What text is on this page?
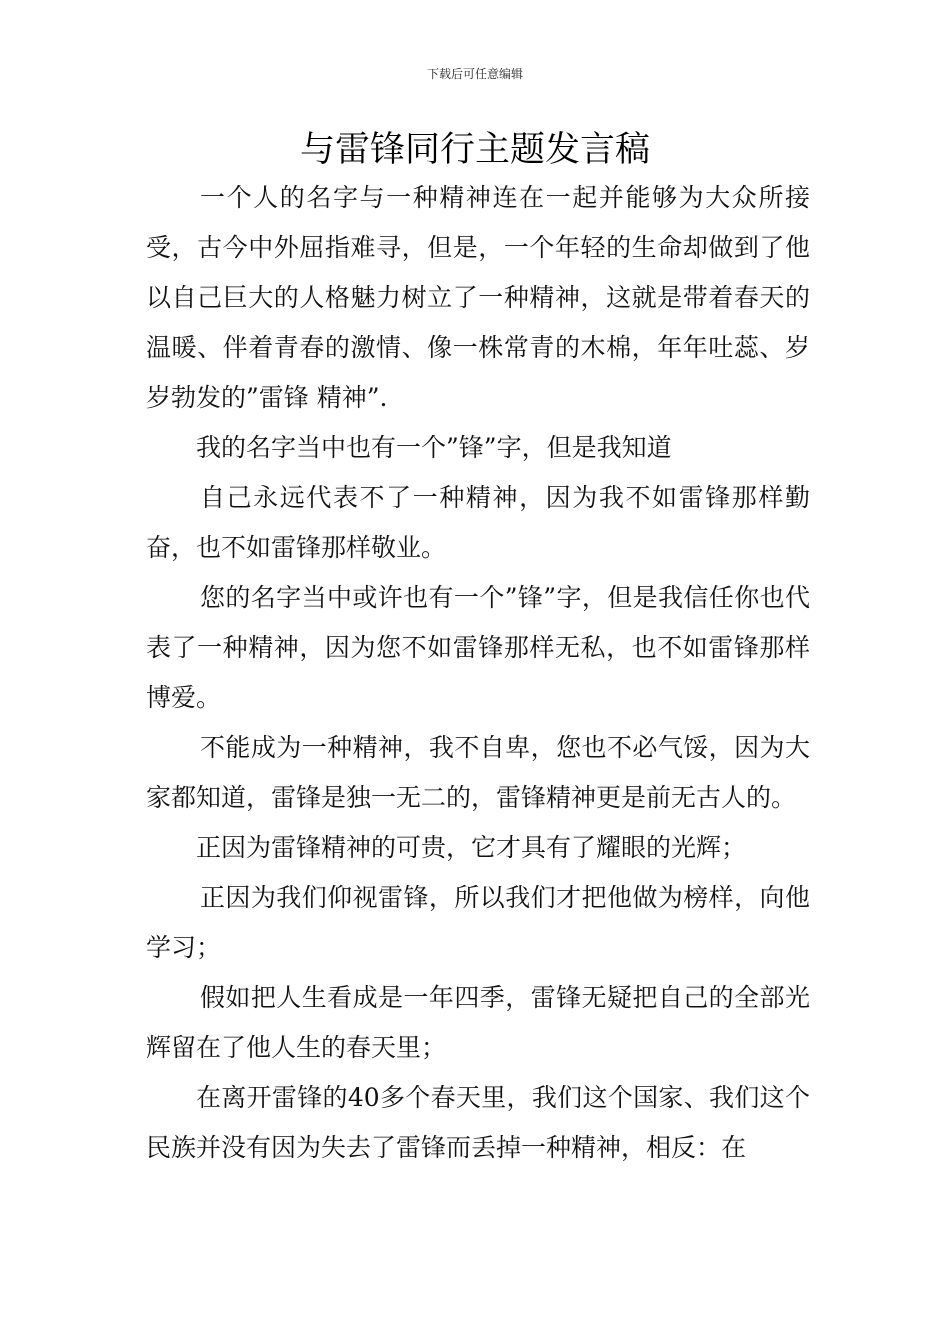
下载后可任意编辑
与雷锋同行主题发言稿

一个人的名字与一种精神连在一起并能够为大众所接受，古今中外屈指难寻，但是，一个年轻的生命却做到了他以自己巨大的人格魅力树立了一种精神，这就是带着春天的温暖、伴着青春的激情、像一株常青的木棉，年年吐蕊、岁岁勃发的”雷锋 精神”.

我的名字当中也有一个”锋”字，但是我知道

自己永远代表不了一种精神，因为我不如雷锋那样勤奋，也不如雷锋那样敬业。

您的名字当中或许也有一个”锋”字，但是我信任你也代表了一种精神，因为您不如雷锋那样无私，也不如雷锋那样博爱。

不能成为一种精神，我不自卑，您也不必气馁，因为大家都知道，雷锋是独一无二的，雷锋精神更是前无古人的。

正因为雷锋精神的可贵，它才具有了耀眼的光辉；

正因为我们仰视雷锋，所以我们才把他做为榜样，向他学习；

假如把人生看成是一年四季，雷锋无疑把自己的全部光辉留在了他人生的春天里；

在离开雷锋的40多个春天里，我们这个国家、我们这个民族并没有因为失去了雷锋而丢掉一种精神，相反：在
